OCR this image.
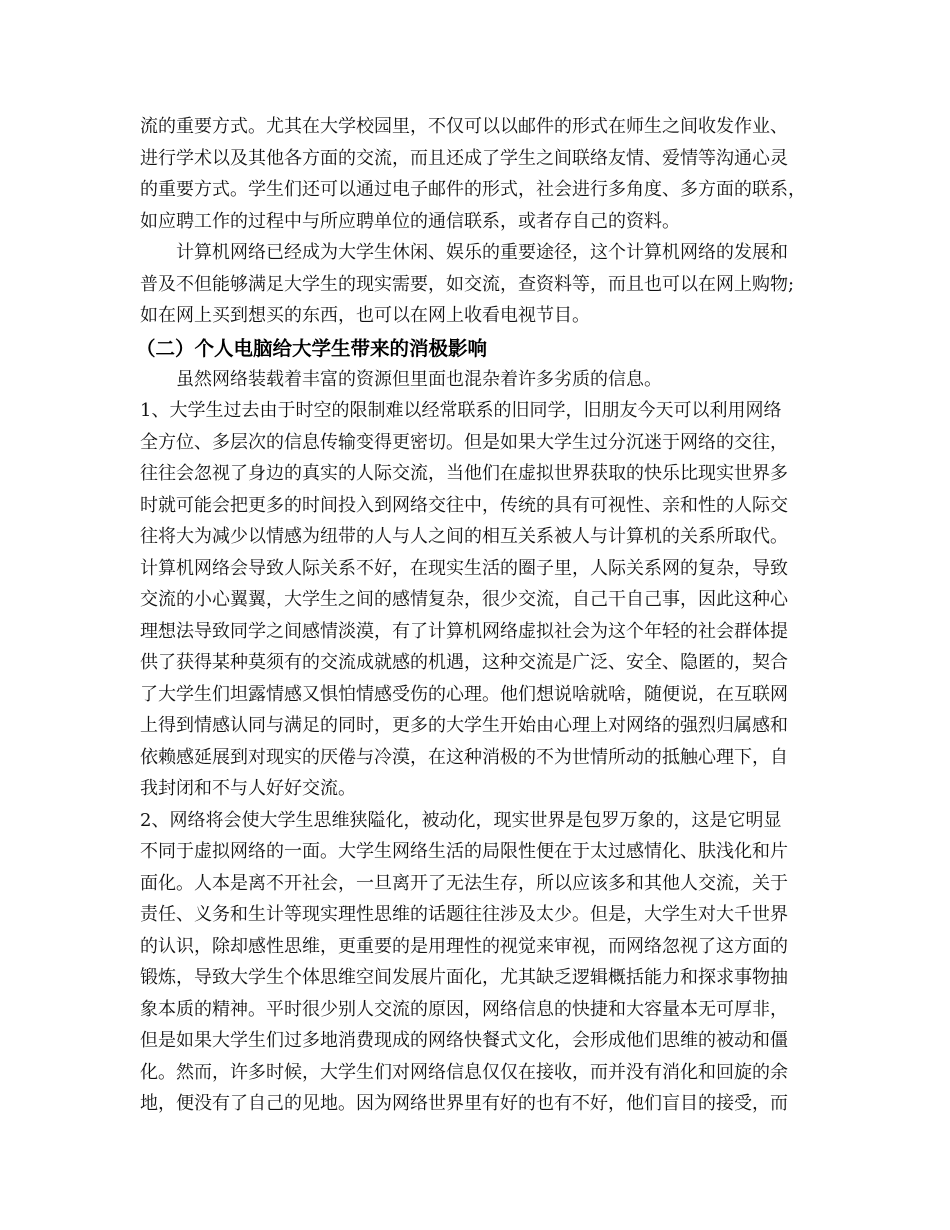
流的重要方式。尤其在大学校园里，不仅可以以邮件的形式在师生之间收发作业、
进行学术以及其他各方面的交流，而且还成了学生之间联络友情、爱情等沟通心灵
的重要方式。学生们还可以通过电子邮件的形式，社会进行多角度、多方面的联系，
如应聘工作的过程中与所应聘单位的通信联系，或者存自己的资料。
计算机网络已经成为大学生休闲、娱乐的重要途径，这个计算机网络的发展和
普及不但能够满足大学生的现实需要，如交流，查资料等，而且也可以在网上购物;
如在网上买到想买的东西，也可以在网上收看电视节目。
（二）个人电脑给大学生带来的消极影响
虽然网络装载着丰富的资源但里面也混杂着许多劣质的信息。
1、大学生过去由于时空的限制难以经常联系的旧同学，旧朋友今天可以利用网络
全方位、多层次的信息传输变得更密切。但是如果大学生过分沉迷于网络的交往，
往往会忽视了身边的真实的人际交流，当他们在虚拟世界获取的快乐比现实世界多
时就可能会把更多的时间投入到网络交往中，传统的具有可视性、亲和性的人际交
往将大为减少以情感为纽带的人与人之间的相互关系被人与计算机的关系所取代。
计算机网络会导致人际关系不好，在现实生活的圈子里，人际关系网的复杂，导致
交流的小心翼翼，大学生之间的感情复杂，很少交流，自己干自己事，因此这种心
理想法导致同学之间感情淡漠，有了计算机网络虚拟社会为这个年轻的社会群体提
供了获得某种莫须有的交流成就感的机遇，这种交流是广泛、安全、隐匿的，契合
了大学生们坦露情感又惧怕情感受伤的心理。他们想说啥就啥，随便说，在互联网
上得到情感认同与满足的同时，更多的大学生开始由心理上对网络的强烈归属感和
依赖感延展到对现实的厌倦与冷漠，在这种消极的不为世情所动的抵触心理下，自
我封闭和不与人好好交流。
2、网络将会使大学生思维狭隘化，被动化，现实世界是包罗万象的，这是它明显
不同于虚拟网络的一面。大学生网络生活的局限性便在于太过感情化、肤浅化和片
面化。人本是离不开社会，一旦离开了无法生存，所以应该多和其他人交流，关于
责任、义务和生计等现实理性思维的话题往往涉及太少。但是，大学生对大千世界
的认识，除却感性思维，更重要的是用理性的视觉来审视，而网络忽视了这方面的
锻炼，导致大学生个体思维空间发展片面化，尤其缺乏逻辑概括能力和探求事物抽
象本质的精神。平时很少别人交流的原因，网络信息的快捷和大容量本无可厚非，
但是如果大学生们过多地消费现成的网络快餐式文化，会形成他们思维的被动和僵
化。然而，许多时候，大学生们对网络信息仅仅在接收，而并没有消化和回旋的余
地，便没有了自己的见地。因为网络世界里有好的也有不好，他们盲目的接受，而
